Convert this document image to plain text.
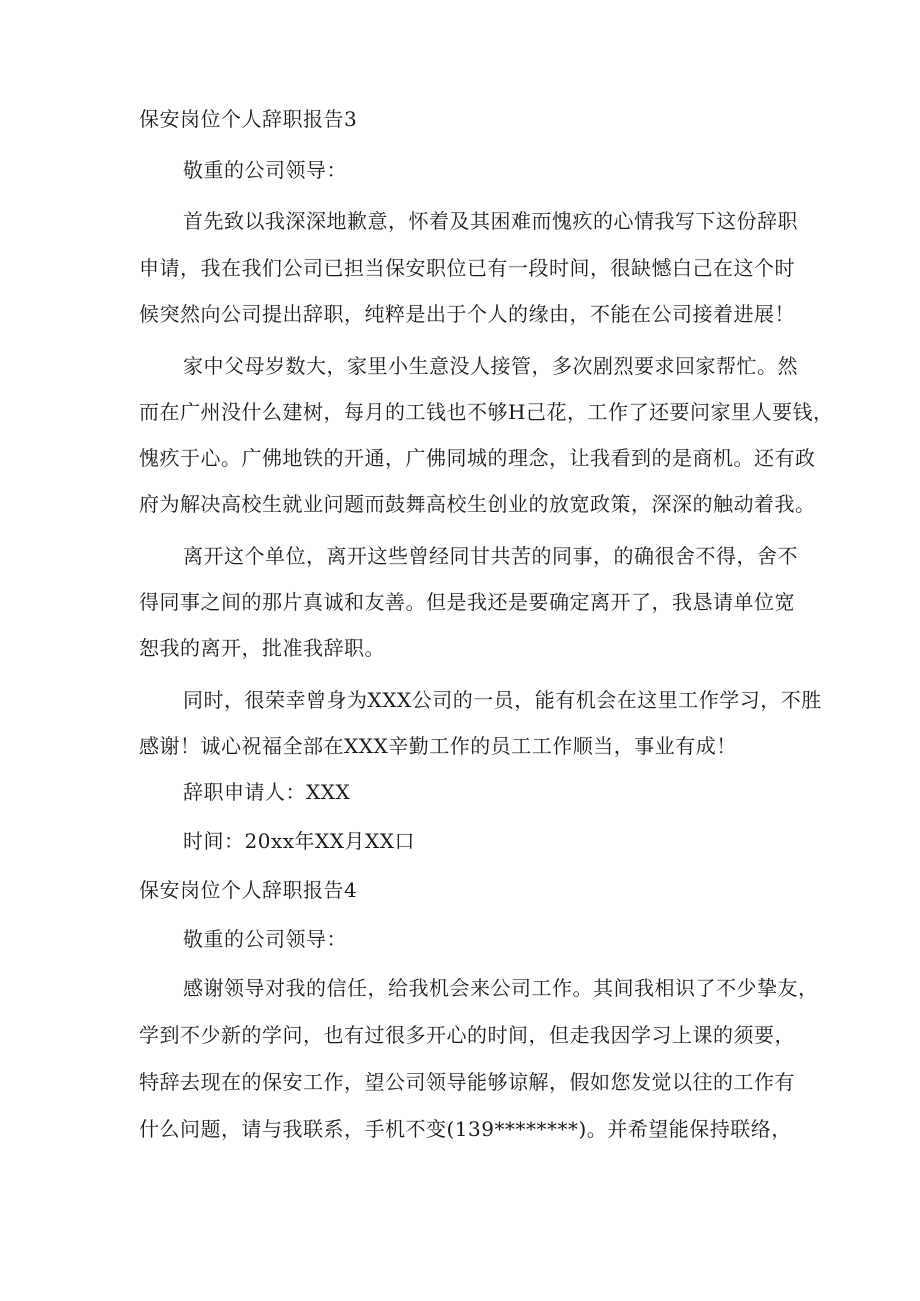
保安岗位个人辞职报告3
敬重的公司领导：
首先致以我深深地歉意，怀着及其困难而愧疚的心情我写下这份辞职
申请，我在我们公司已担当保安职位已有一段时间，很缺憾白己在这个时
候突然向公司提出辞职，纯粹是出于个人的缘由，不能在公司接着进展！
家中父母岁数大，家里小生意没人接管，多次剧烈要求回家帮忙。然
而在广州没什么建树，每月的工钱也不够H己花，工作了还要问家里人要钱，
愧疚于心。广佛地铁的开通，广佛同城的理念，让我看到的是商机。还有政
府为解决高校生就业问题而鼓舞高校生创业的放宽政策，深深的触动着我。
离开这个单位，离开这些曾经同甘共苦的同事，的确很舍不得，舍不
得同事之间的那片真诚和友善。但是我还是要确定离开了，我恳请单位宽
恕我的离开，批准我辞职。
同时，很荣幸曾身为XXX公司的一员，能有机会在这里工作学习，不胜
感谢！诚心祝福全部在XXX辛勤工作的员工工作顺当，事业有成！
辞职申请人：XXX
时间：20xx年XX月XX口
保安岗位个人辞职报告4
敬重的公司领导：
感谢领导对我的信任，给我机会来公司工作。其间我相识了不少挚友，
学到不少新的学问，也有过很多开心的时间，但走我因学习上课的须要，
特辞去现在的保安工作，望公司领导能够谅解，假如您发觉以往的工作有
什么问题，请与我联系，手机不变(139********)。并希望能保持联络，
